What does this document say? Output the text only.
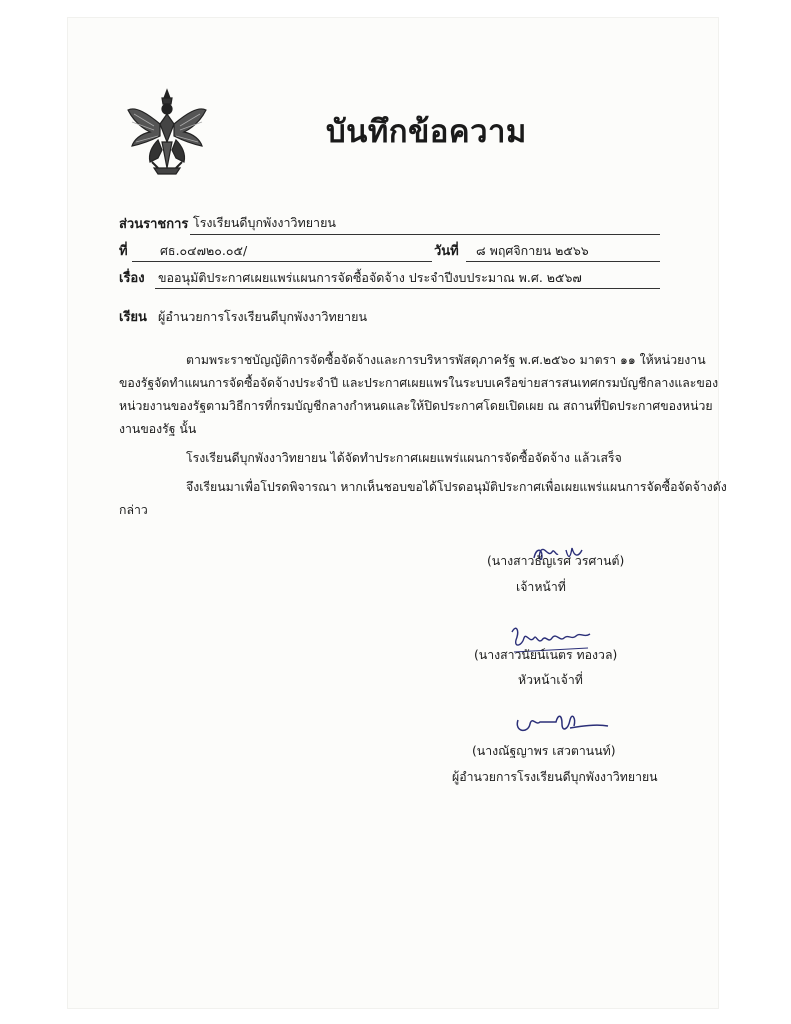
บันทึกข้อความ
ส่วนราชการ โรงเรียนดีบุกพังงาวิทยายน
ที่	ศธ.๐๔๗๒๐.๐๕/	วันที่ ๘ พฤศจิกายน ๒๕๖๖
เรื่อง ขออนุมัติประกาศเผยแพร่แผนการจัดซื้อจัดจ้าง ประจำปีงบประมาณ พ.ศ. ๒๕๖๗
เรียน ผู้อำนวยการโรงเรียนดีบุกพังงาวิทยายน
ตามพระราชบัญญัติการจัดซื้อจัดจ้างและการบริหารพัสดุภาครัฐ พ.ศ.๒๕๖๐ มาตรา ๑๑ ให้หน่วยงาน
ของรัฐจัดทำแผนการจัดซื้อจัดจ้างประจำปี และประกาศเผยแพรในระบบเครือข่ายสารสนเทศกรมบัญชีกลางและของ
หน่วยงานของรัฐตามวิธีการที่กรมบัญชีกลางกำหนดและให้ปิดประกาศโดยเปิดเผย ณ สถานที่ปิดประกาศของหน่วย
งานของรัฐ นั้น
โรงเรียนดีบุกพังงาวิทยายน ได้จัดทำประกาศเผยแพร่แผนการจัดซื้อจัดจ้าง แล้วเสร็จ
จึงเรียนมาเพื่อโปรดพิจารณา หากเห็นชอบขอได้โปรดอนุมัติประกาศเพื่อเผยแพร่แผนการจัดซื้อจัดจ้างดัง
กล่าว
(นางสาวธัญเรศ วรศานต์)
เจ้าหน้าที่
(นางสาวนัยน์เนตร ทองวล)
หัวหน้าเจ้าที่
(นางณัฐญาพร เสวตานนท์)
ผู้อำนวยการโรงเรียนดีบุกพังงาวิทยายน
